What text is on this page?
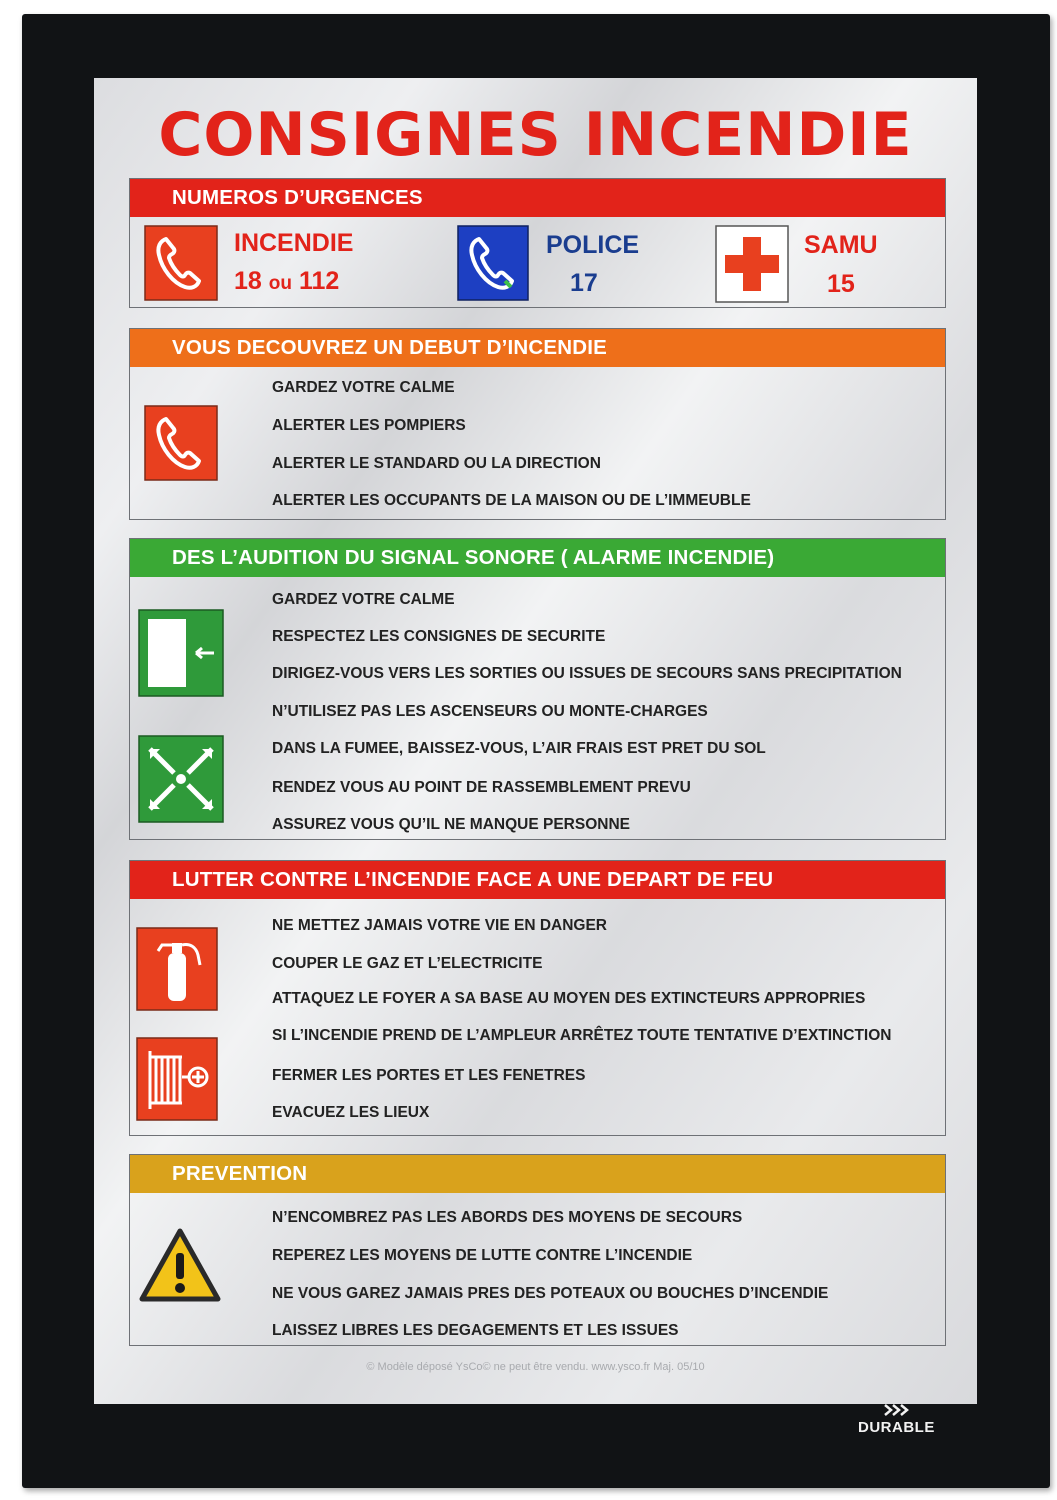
CONSIGNES INCENDIE
NUMEROS D’URGENCES
INCENDIE
18 ou 112
POLICE
17
SAMU
15
VOUS DECOUVREZ UN DEBUT D’INCENDIE
GARDEZ VOTRE CALME
ALERTER LES POMPIERS
ALERTER LE STANDARD OU LA DIRECTION
ALERTER LES OCCUPANTS DE LA MAISON OU DE L’IMMEUBLE
DES L’AUDITION DU SIGNAL SONORE ( ALARME INCENDIE)
GARDEZ VOTRE CALME
RESPECTEZ LES CONSIGNES DE SECURITE
DIRIGEZ-VOUS VERS LES SORTIES OU ISSUES DE SECOURS SANS PRECIPITATION
N’UTILISEZ PAS LES ASCENSEURS OU MONTE-CHARGES
DANS LA FUMEE, BAISSEZ-VOUS, L’AIR FRAIS EST PRET DU SOL
RENDEZ VOUS AU POINT DE RASSEMBLEMENT PREVU
ASSUREZ VOUS QU’IL NE MANQUE PERSONNE
LUTTER CONTRE L’INCENDIE FACE A UNE DEPART DE FEU
NE METTEZ JAMAIS VOTRE VIE EN DANGER
COUPER LE GAZ ET L’ELECTRICITE
ATTAQUEZ LE FOYER A SA BASE AU MOYEN DES EXTINCTEURS APPROPRIES
SI L’INCENDIE PREND DE L’AMPLEUR ARRÊTEZ TOUTE TENTATIVE D’EXTINCTION
FERMER LES PORTES ET LES FENETRES
EVACUEZ LES LIEUX
PREVENTION
N’ENCOMBREZ PAS LES ABORDS DES MOYENS DE SECOURS
REPEREZ LES MOYENS DE LUTTE CONTRE L’INCENDIE
NE VOUS GAREZ JAMAIS PRES DES POTEAUX OU BOUCHES D’INCENDIE
LAISSEZ LIBRES LES DEGAGEMENTS ET LES ISSUES
© Modèle déposé YsCo© ne peut être vendu. www.ysco.fr Maj. 05/10
DURABLE
